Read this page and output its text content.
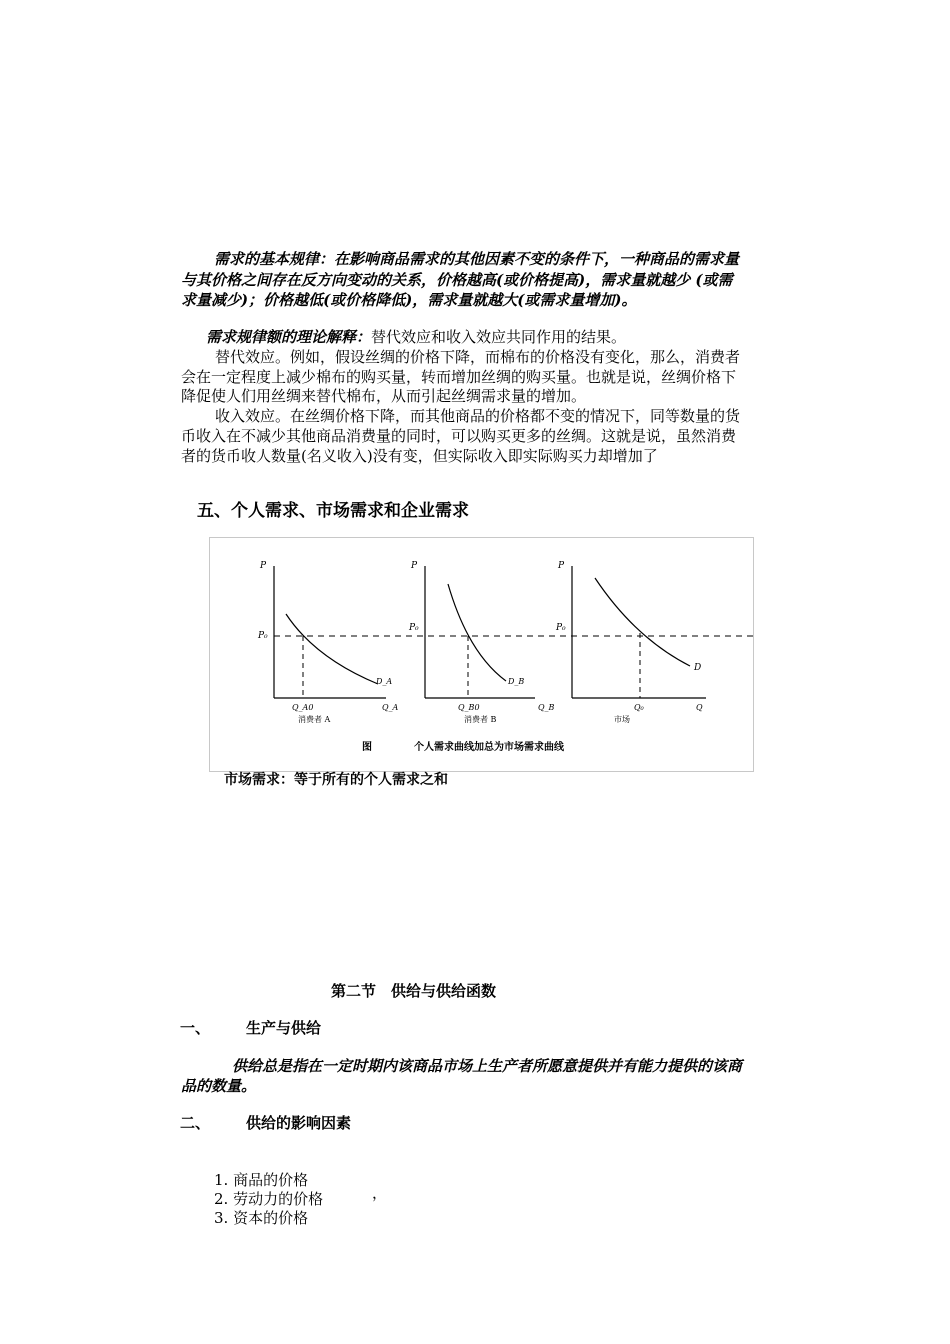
需求的基本规律：在影响商品需求的其他因素不变的条件下，一种商品的需求量
与其价格之间存在反方向变动的关系，价格越高(或价格提高)，需求量就越少 (或需
求量减少)；价格越低(或价格降低)，需求量就越大(或需求量增加)。
需求规律额的理论解释：替代效应和收入效应共同作用的结果。
替代效应。例如，假设丝绸的价格下降，而棉布的价格没有变化，那么，消费者
会在一定程度上减少棉布的购买量，转而增加丝绸的购买量。也就是说，丝绸价格下
降促使人们用丝绸来替代棉布，从而引起丝绸需求量的增加。
收入效应。在丝绸价格下降，而其他商品的价格都不变的情况下，同等数量的货
币收入在不减少其他商品消费量的同时，可以购买更多的丝绸。这就是说，虽然消费
者的货币收人数量(名义收入)没有变，但实际收入即实际购买力却增加了
五、个人需求、市场需求和企业需求
P
P₀
Q_A0	Q_A
D_A
消费者 A
P
P₀
Q_B0	Q_B
D_B
消费者 B
P
P₀
Q₀	Q
D
市场
图	个人需求曲线加总为市场需求曲线
市场需求：等于所有的个人需求之和
第二节　供给与供给函数
一、 生产与供给
供给总是指在一定时期内该商品市场上生产者所愿意提供并有能力提供的该商
品的数量。
二、 供给的影响因素
1. 商品的价格
2. 劳动力的价格
3. 资本的价格
，
